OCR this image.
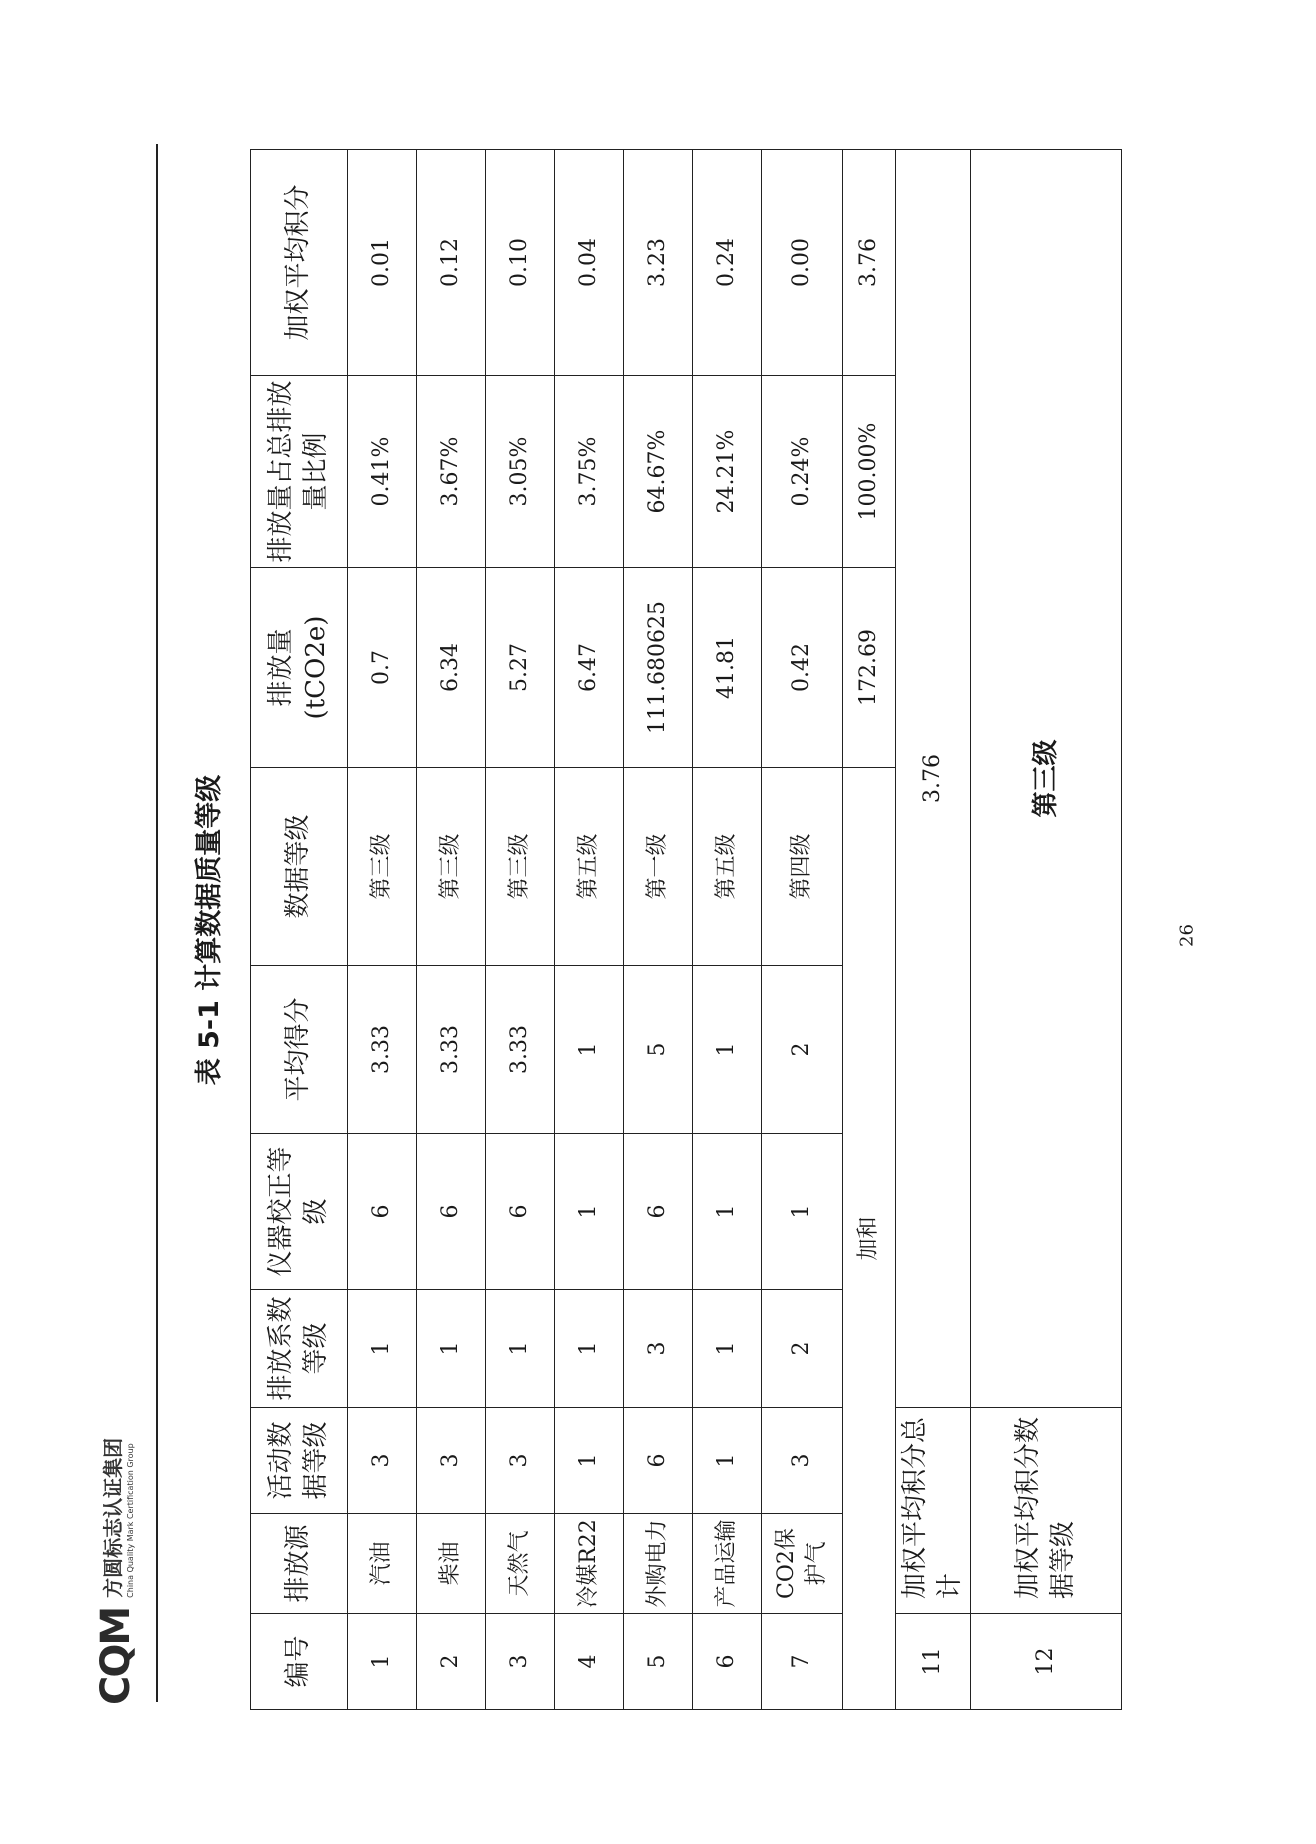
CQM
方圆标志认证集团 China Quality Mark Certification Group
表 5-1 计算数据质量等级
编号	排放源	活动数据等级	排放系数等级	仪器校正等级	平均得分	数据等级	排放量 (tCO2e)	排放量占总排放量比例	加权平均积分
1	汽油	3	1	6	3.33	第三级	0.7	0.41%	0.01
2	柴油	3	1	6	3.33	第三级	6.34	3.67%	0.12
3	天然气	3	1	6	3.33	第三级	5.27	3.05%	0.10
4	冷媒R22	1	1	1	1	第五级	6.47	3.75%	0.04
5	外购电力	6	3	6	5	第一级	111.680625	64.67%	3.23
6	产品运输	1	1	1	1	第五级	41.81	24.21%	0.24
7	CO2保护气	3	2	1	2	第四级	0.42	0.24%	0.00
加和							172.69	100.00%	3.76
11	加权平均积分总计		3.76						
12	加权平均积分数据等级		第三级						
26
